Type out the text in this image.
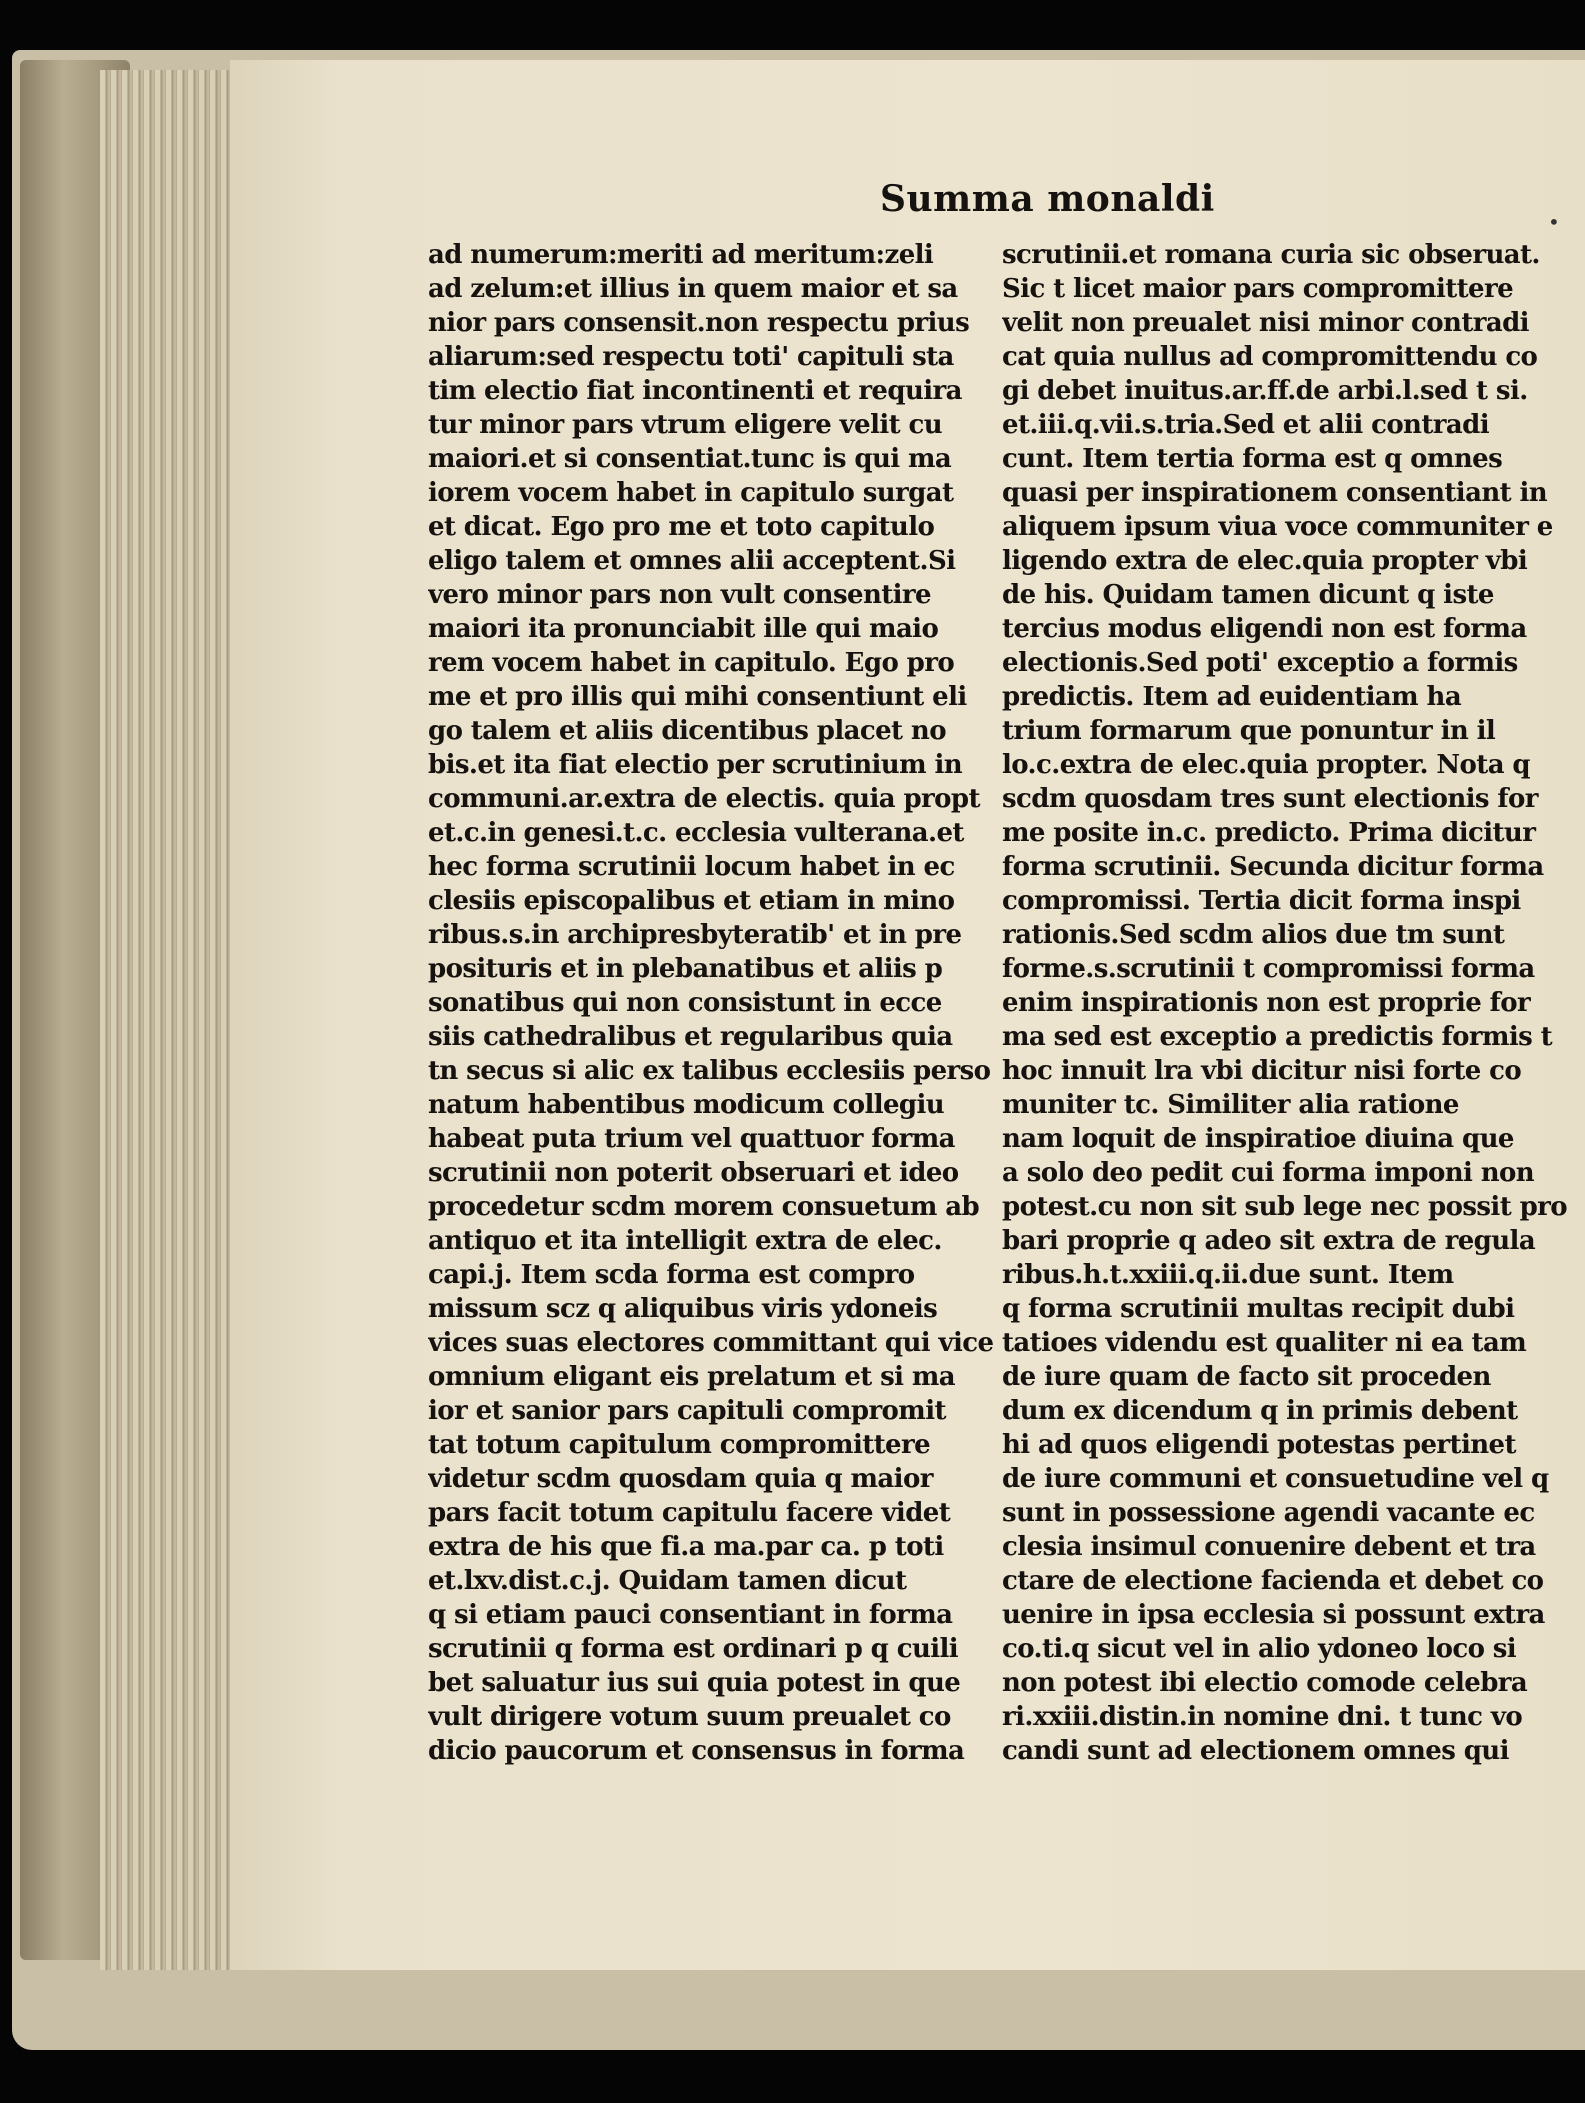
Summa monaldi
•
ad numerum:meriti ad meritum:zeli
ad zelum:et illius in quem maior et sa
nior pars consensit.non respectu prius
aliarum:sed respectu toti' capituli sta
tim electio fiat incontinenti et requira
tur minor pars vtrum eligere velit cu
maiori.et si consentiat.tunc is qui ma
iorem vocem habet in capitulo surgat
et dicat. Ego pro me et toto capitulo
eligo talem et omnes alii acceptent.Si
vero minor pars non vult consentire
maiori ita pronunciabit ille qui maio
rem vocem habet in capitulo. Ego pro
me et pro illis qui mihi consentiunt eli
go talem et aliis dicentibus placet no
bis.et ita fiat electio per scrutinium in
communi.ar.extra de electis. quia propt
et.c.in genesi.t.c. ecclesia vulterana.et
hec forma scrutinii locum habet in ec
clesiis episcopalibus et etiam in mino
ribus.s.in archipresbyteratib' et in pre
posituris et in plebanatibus et aliis p
sonatibus qui non consistunt in ecce
siis cathedralibus et regularibus quia
tn secus si alic ex talibus ecclesiis perso
natum habentibus modicum collegiu
habeat puta trium vel quattuor forma
scrutinii non poterit obseruari et ideo
procedetur scdm morem consuetum ab
antiquo et ita intelligit extra de elec.
capi.j. Item scda forma est compro
missum scz q aliquibus viris ydoneis
vices suas electores committant qui vice
omnium eligant eis prelatum et si ma
ior et sanior pars capituli compromit
tat totum capitulum compromittere
videtur scdm quosdam quia q maior
pars facit totum capitulu facere videt
extra de his que fi.a ma.par ca. p toti
et.lxv.dist.c.j. Quidam tamen dicut
q si etiam pauci consentiant in forma
scrutinii q forma est ordinari p q cuili
bet saluatur ius sui quia potest in que
vult dirigere votum suum preualet co
dicio paucorum et consensus in forma
scrutinii.et romana curia sic obseruat.
Sic t licet maior pars compromittere
velit non preualet nisi minor contradi
cat quia nullus ad compromittendu co
gi debet inuitus.ar.ff.de arbi.l.sed t si.
et.iii.q.vii.s.tria.Sed et alii contradi
cunt. Item tertia forma est q omnes
quasi per inspirationem consentiant in
aliquem ipsum viua voce communiter e
ligendo extra de elec.quia propter vbi
de his. Quidam tamen dicunt q iste
tercius modus eligendi non est forma
electionis.Sed poti' exceptio a formis
predictis. Item ad euidentiam ha
trium formarum que ponuntur in il
lo.c.extra de elec.quia propter. Nota q
scdm quosdam tres sunt electionis for
me posite in.c. predicto. Prima dicitur
forma scrutinii. Secunda dicitur forma
compromissi. Tertia dicit forma inspi
rationis.Sed scdm alios due tm sunt
forme.s.scrutinii t compromissi forma
enim inspirationis non est proprie for
ma sed est exceptio a predictis formis t
hoc innuit lra vbi dicitur nisi forte co
muniter tc. Similiter alia ratione
nam loquit de inspiratioe diuina que
a solo deo pedit cui forma imponi non
potest.cu non sit sub lege nec possit pro
bari proprie q adeo sit extra de regula
ribus.h.t.xxiii.q.ii.due sunt. Item
q forma scrutinii multas recipit dubi
tatioes videndu est qualiter ni ea tam
de iure quam de facto sit proceden
dum ex dicendum q in primis debent
hi ad quos eligendi potestas pertinet
de iure communi et consuetudine vel q
sunt in possessione agendi vacante ec
clesia insimul conuenire debent et tra
ctare de electione facienda et debet co
uenire in ipsa ecclesia si possunt extra
co.ti.q sicut vel in alio ydoneo loco si
non potest ibi electio comode celebra
ri.xxiii.distin.in nomine dni. t tunc vo
candi sunt ad electionem omnes qui
